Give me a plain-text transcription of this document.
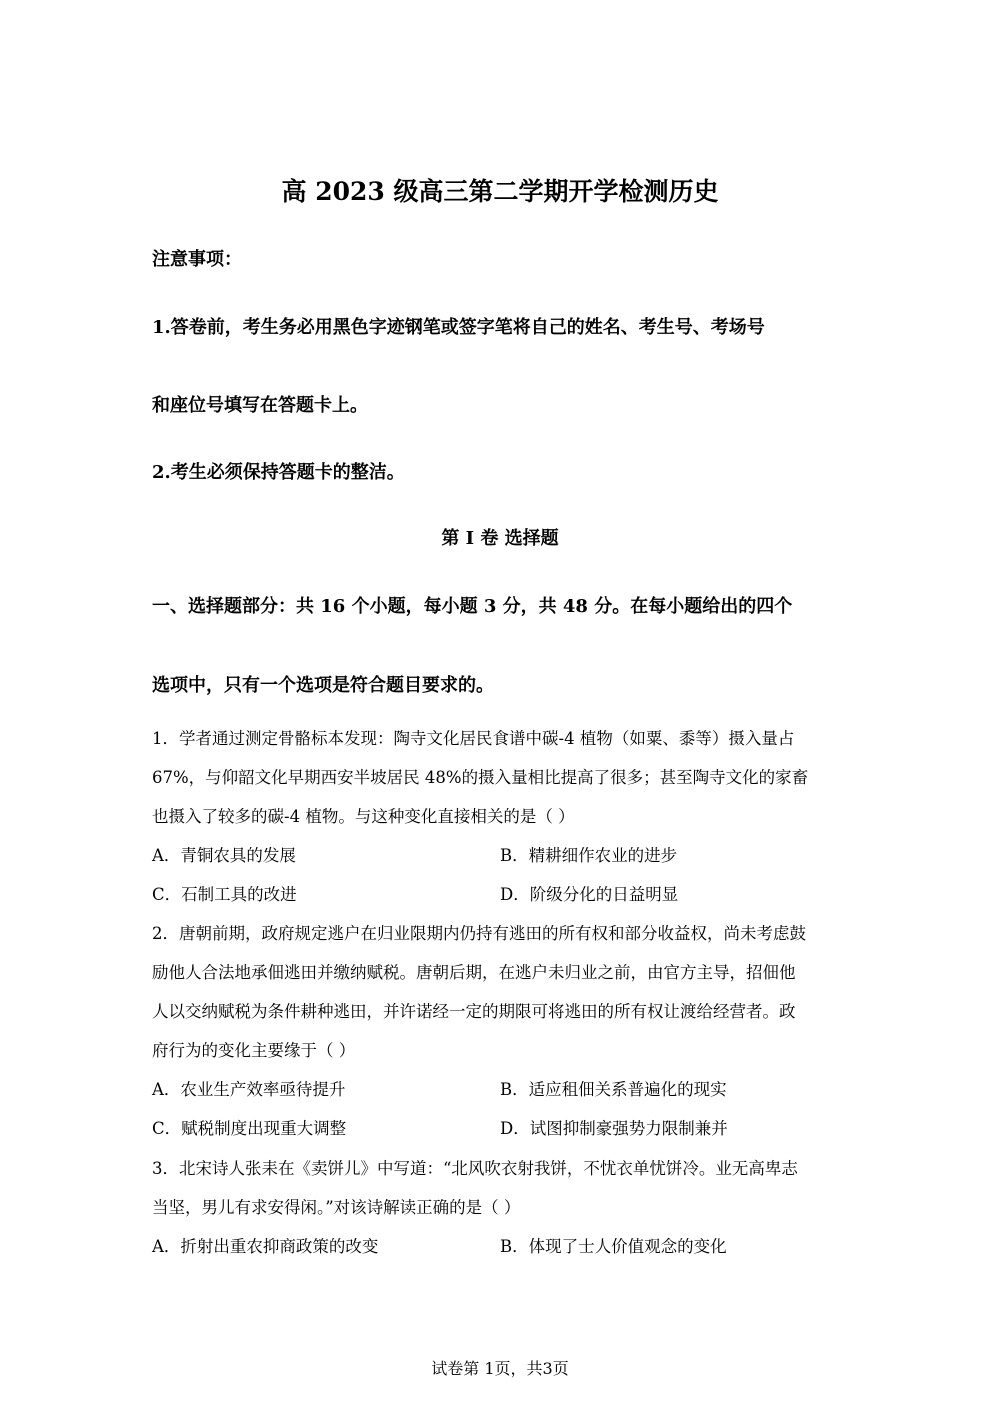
高 2023 级高三第二学期开学检测历史
注意事项：
1.答卷前，考生务必用黑色字迹钢笔或签字笔将自己的姓名、考生号、考场号
和座位号填写在答题卡上。
2.考生必须保持答题卡的整洁。
第 I 卷 选择题
一、选择题部分：共 16 个小题，每小题 3 分，共 48 分。在每小题给出的四个
选项中，只有一个选项是符合题目要求的。
1．学者通过测定骨骼标本发现：陶寺文化居民食谱中碳-4 植物（如粟、黍等）摄入量占
67%，与仰韶文化早期西安半坡居民 48%的摄入量相比提高了很多；甚至陶寺文化的家畜
也摄入了较多的碳-4 植物。与这种变化直接相关的是（ ）
A．青铜农具的发展	B．精耕细作农业的进步
C．石制工具的改进	D．阶级分化的日益明显
2．唐朝前期，政府规定逃户在归业限期内仍持有逃田的所有权和部分收益权，尚未考虑鼓
励他人合法地承佃逃田并缴纳赋税。唐朝后期，在逃户未归业之前，由官方主导，招佃他
人以交纳赋税为条件耕种逃田，并许诺经一定的期限可将逃田的所有权让渡给经营者。政
府行为的变化主要缘于（ ）
A．农业生产效率亟待提升	B．适应租佃关系普遍化的现实
C．赋税制度出现重大调整	D．试图抑制豪强势力限制兼并
3．北宋诗人张耒在《卖饼儿》中写道：“北风吹衣射我饼，不忧衣单忧饼冷。业无高卑志
当坚，男儿有求安得闲。”对该诗解读正确的是（ ）
A．折射出重农抑商政策的改变	B．体现了士人价值观念的变化
试卷第 1页，共3页
